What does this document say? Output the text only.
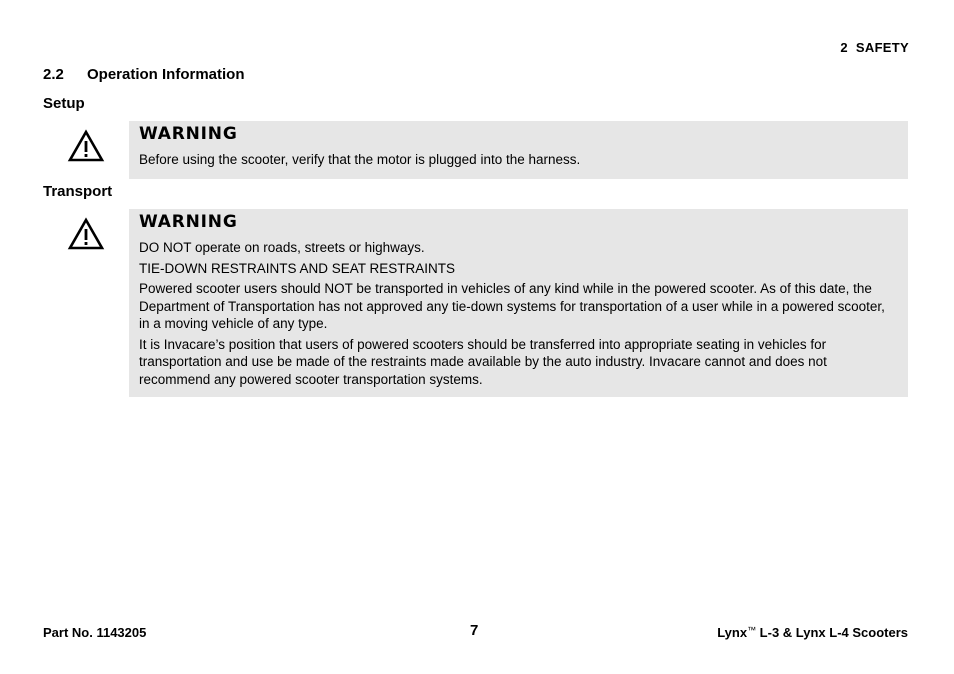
2 SAFETY
2.2 Operation Information
Setup
WARNING
Before using the scooter, verify that the motor is plugged into the harness.
Transport
WARNING
DO NOT operate on roads, streets or highways.
TIE-DOWN RESTRAINTS AND SEAT RESTRAINTS
Powered scooter users should NOT be transported in vehicles of any kind while in the powered scooter. As of this date, the Department of Transportation has not approved any tie-down systems for transportation of a user while in a powered scooter, in a moving vehicle of any type.
It is Invacare’s position that users of powered scooters should be transferred into appropriate seating in vehicles for transportation and use be made of the restraints made available by the auto industry. Invacare cannot and does not recommend any powered scooter transportation systems.
Part No. 1143205	7	Lynx™ L-3 & Lynx L-4 Scooters
